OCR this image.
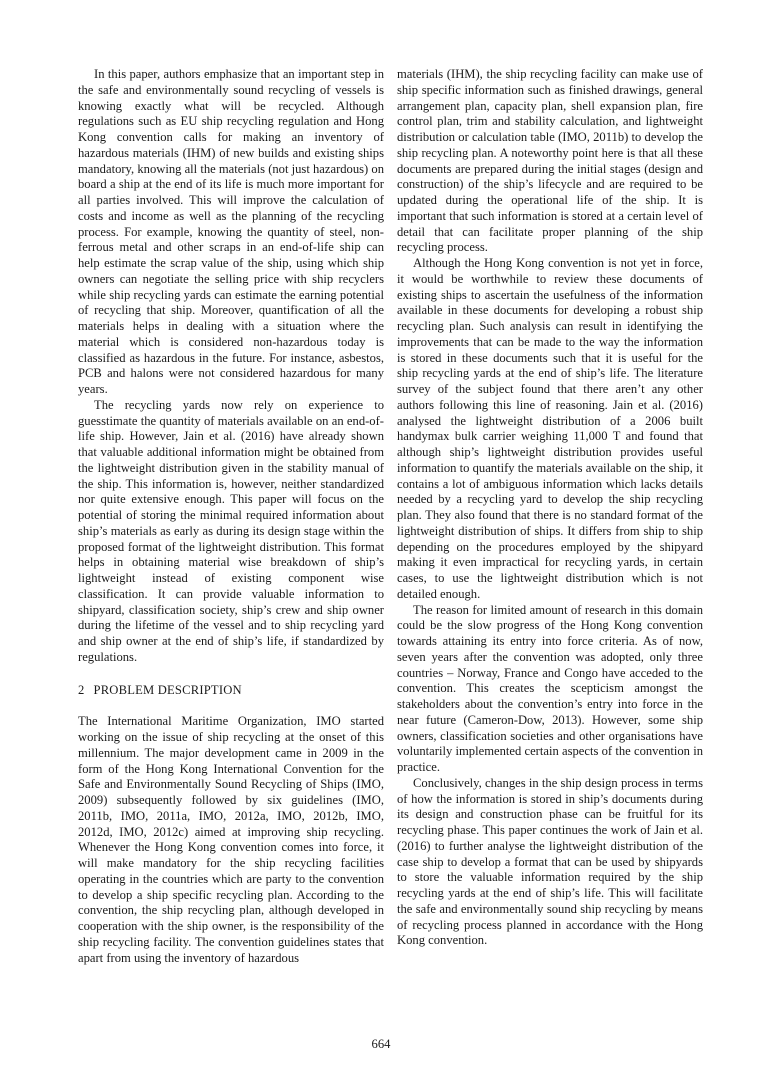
In this paper, authors emphasize that an important step in the safe and environmentally sound recycling of vessels is knowing exactly what will be recycled. Although regulations such as EU ship recycling regulation and Hong Kong convention calls for making an inventory of hazardous materials (IHM) of new builds and existing ships mandatory, knowing all the materials (not just hazardous) on board a ship at the end of its life is much more important for all parties involved. This will improve the calculation of costs and income as well as the planning of the recycling process. For example, knowing the quantity of steel, non-ferrous metal and other scraps in an end-of-life ship can help estimate the scrap value of the ship, using which ship owners can negotiate the selling price with ship recyclers while ship recycling yards can estimate the earning potential of recycling that ship. Moreover, quantification of all the materials helps in dealing with a situation where the material which is considered non-hazardous today is classified as hazardous in the future. For instance, asbestos, PCB and halons were not considered hazardous for many years.

The recycling yards now rely on experience to guesstimate the quantity of materials available on an end-of-life ship. However, Jain et al. (2016) have already shown that valuable additional information might be obtained from the lightweight distribution given in the stability manual of the ship. This information is, however, neither standardized nor quite extensive enough. This paper will focus on the potential of storing the minimal required information about ship’s materials as early as during its design stage within the proposed format of the lightweight distribution. This format helps in obtaining material wise breakdown of ship’s lightweight instead of existing component wise classification. It can provide valuable information to shipyard, classification society, ship’s crew and ship owner during the lifetime of the vessel and to ship recycling yard and ship owner at the end of ship’s life, if standardized by regulations.

2 PROBLEM DESCRIPTION

The International Maritime Organization, IMO started working on the issue of ship recycling at the onset of this millennium. The major development came in 2009 in the form of the Hong Kong International Convention for the Safe and Environmentally Sound Recycling of Ships (IMO, 2009) subsequently followed by six guidelines (IMO, 2011b, IMO, 2011a, IMO, 2012a, IMO, 2012b, IMO, 2012d, IMO, 2012c) aimed at improving ship recycling. Whenever the Hong Kong convention comes into force, it will make mandatory for the ship recycling facilities operating in the countries which are party to the convention to develop a ship specific recycling plan. According to the convention, the ship recycling plan, although developed in cooperation with the ship owner, is the responsibility of the ship recycling facility. The convention guidelines states that apart from using the inventory of hazardous

materials (IHM), the ship recycling facility can make use of ship specific information such as finished drawings, general arrangement plan, capacity plan, shell expansion plan, fire control plan, trim and stability calculation, and lightweight distribution or calculation table (IMO, 2011b) to develop the ship recycling plan. A noteworthy point here is that all these documents are prepared during the initial stages (design and construction) of the ship’s lifecycle and are required to be updated during the operational life of the ship. It is important that such information is stored at a certain level of detail that can facilitate proper planning of the ship recycling process.

Although the Hong Kong convention is not yet in force, it would be worthwhile to review these documents of existing ships to ascertain the usefulness of the information available in these documents for developing a robust ship recycling plan. Such analysis can result in identifying the improvements that can be made to the way the information is stored in these documents such that it is useful for the ship recycling yards at the end of ship’s life. The literature survey of the subject found that there aren’t any other authors following this line of reasoning. Jain et al. (2016) analysed the lightweight distribution of a 2006 built handymax bulk carrier weighing 11,000 T and found that although ship’s lightweight distribution provides useful information to quantify the materials available on the ship, it contains a lot of ambiguous information which lacks details needed by a recycling yard to develop the ship recycling plan. They also found that there is no standard format of the lightweight distribution of ships. It differs from ship to ship depending on the procedures employed by the shipyard making it even impractical for recycling yards, in certain cases, to use the lightweight distribution which is not detailed enough.

The reason for limited amount of research in this domain could be the slow progress of the Hong Kong convention towards attaining its entry into force criteria. As of now, seven years after the convention was adopted, only three countries – Norway, France and Congo have acceded to the convention. This creates the scepticism amongst the stakeholders about the convention’s entry into force in the near future (Cameron-Dow, 2013). However, some ship owners, classification societies and other organisations have voluntarily implemented certain aspects of the convention in practice.

Conclusively, changes in the ship design process in terms of how the information is stored in ship’s documents during its design and construction phase can be fruitful for its recycling phase. This paper continues the work of Jain et al. (2016) to further analyse the lightweight distribution of the case ship to develop a format that can be used by shipyards to store the valuable information required by the ship recycling yards at the end of ship’s life. This will facilitate the safe and environmentally sound ship recycling by means of recycling process planned in accordance with the Hong Kong convention.

664
